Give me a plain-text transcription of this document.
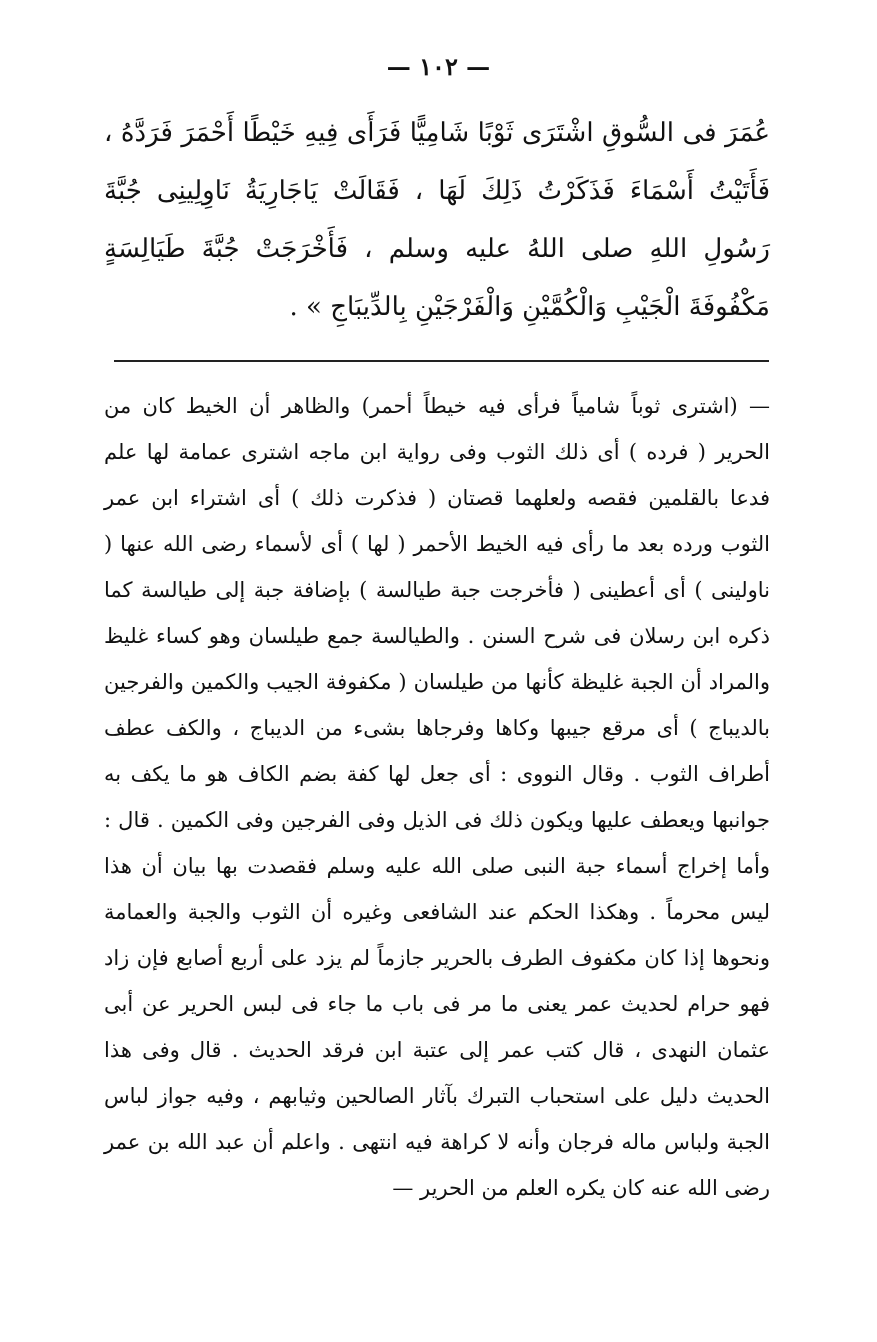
— ١٠٢ —

عُمَرَ فى السُّوقِ اشْتَرَى ثَوْبًا شَامِيًّا فَرَأَى فِيهِ خَيْطًا أَحْمَرَ فَرَدَّهُ ، فَأَتَيْتُ أَسْمَاءَ فَذَكَرْتُ ذَلِكَ لَهَا ، فَقَالَتْ يَاجَارِيَةُ نَاوِلِينِى جُبَّةَ رَسُولِ اللهِ صلى اللهُ عليه وسلم ، فَأَخْرَجَتْ جُبَّةَ طَيَالِسَةٍ مَكْفُوفَةَ الْجَيْبِ وَالْكُمَّيْنِ وَالْفَرْجَيْنِ بِالدِّيبَاجِ » .

— (اشترى ثوباً شامياً فرأى فيه خيطاً أحمر) والظاهر أن الخيط كان من الحرير ( فرده ) أى ذلك الثوب وفى رواية ابن ماجه اشترى عمامة لها علم فدعا بالقلمين فقصه ولعلهما قصتان ( فذكرت ذلك ) أى اشتراء ابن عمر الثوب ورده بعد ما رأى فيه الخيط الأحمر ( لها ) أى لأسماء رضى الله عنها ( ناولينى ) أى أعطينى ( فأخرجت جبة طيالسة ) بإضافة جبة إلى طيالسة كما ذكره ابن رسلان فى شرح السنن . والطيالسة جمع طيلسان وهو كساء غليظ والمراد أن الجبة غليظة كأنها من طيلسان ( مكفوفة الجيب والكمين والفرجين بالديباج ) أى مرقع جيبها وكاها وفرجاها بشىء من الديباج ، والكف عطف أطراف الثوب . وقال النووى : أى جعل لها كفة بضم الكاف هو ما يكف به جوانبها ويعطف عليها ويكون ذلك فى الذيل وفى الفرجين وفى الكمين . قال : وأما إخراج أسماء جبة النبى صلى الله عليه وسلم فقصدت بها بيان أن هذا ليس محرماً . وهكذا الحكم عند الشافعى وغيره أن الثوب والجبة والعمامة ونحوها إذا كان مكفوف الطرف بالحرير جازماً لم يزد على أربع أصابع فإن زاد فهو حرام لحديث عمر يعنى ما مر فى باب ما جاء فى لبس الحرير عن أبى عثمان النهدى ، قال كتب عمر إلى عتبة ابن فرقد الحديث . قال وفى هذا الحديث دليل على استحباب التبرك بآثار الصالحين وثيابهم ، وفيه جواز لباس الجبة ولباس ماله فرجان وأنه لا كراهة فيه انتهى . واعلم أن عبد الله بن عمر رضى الله عنه كان يكره العلم من الحرير —
